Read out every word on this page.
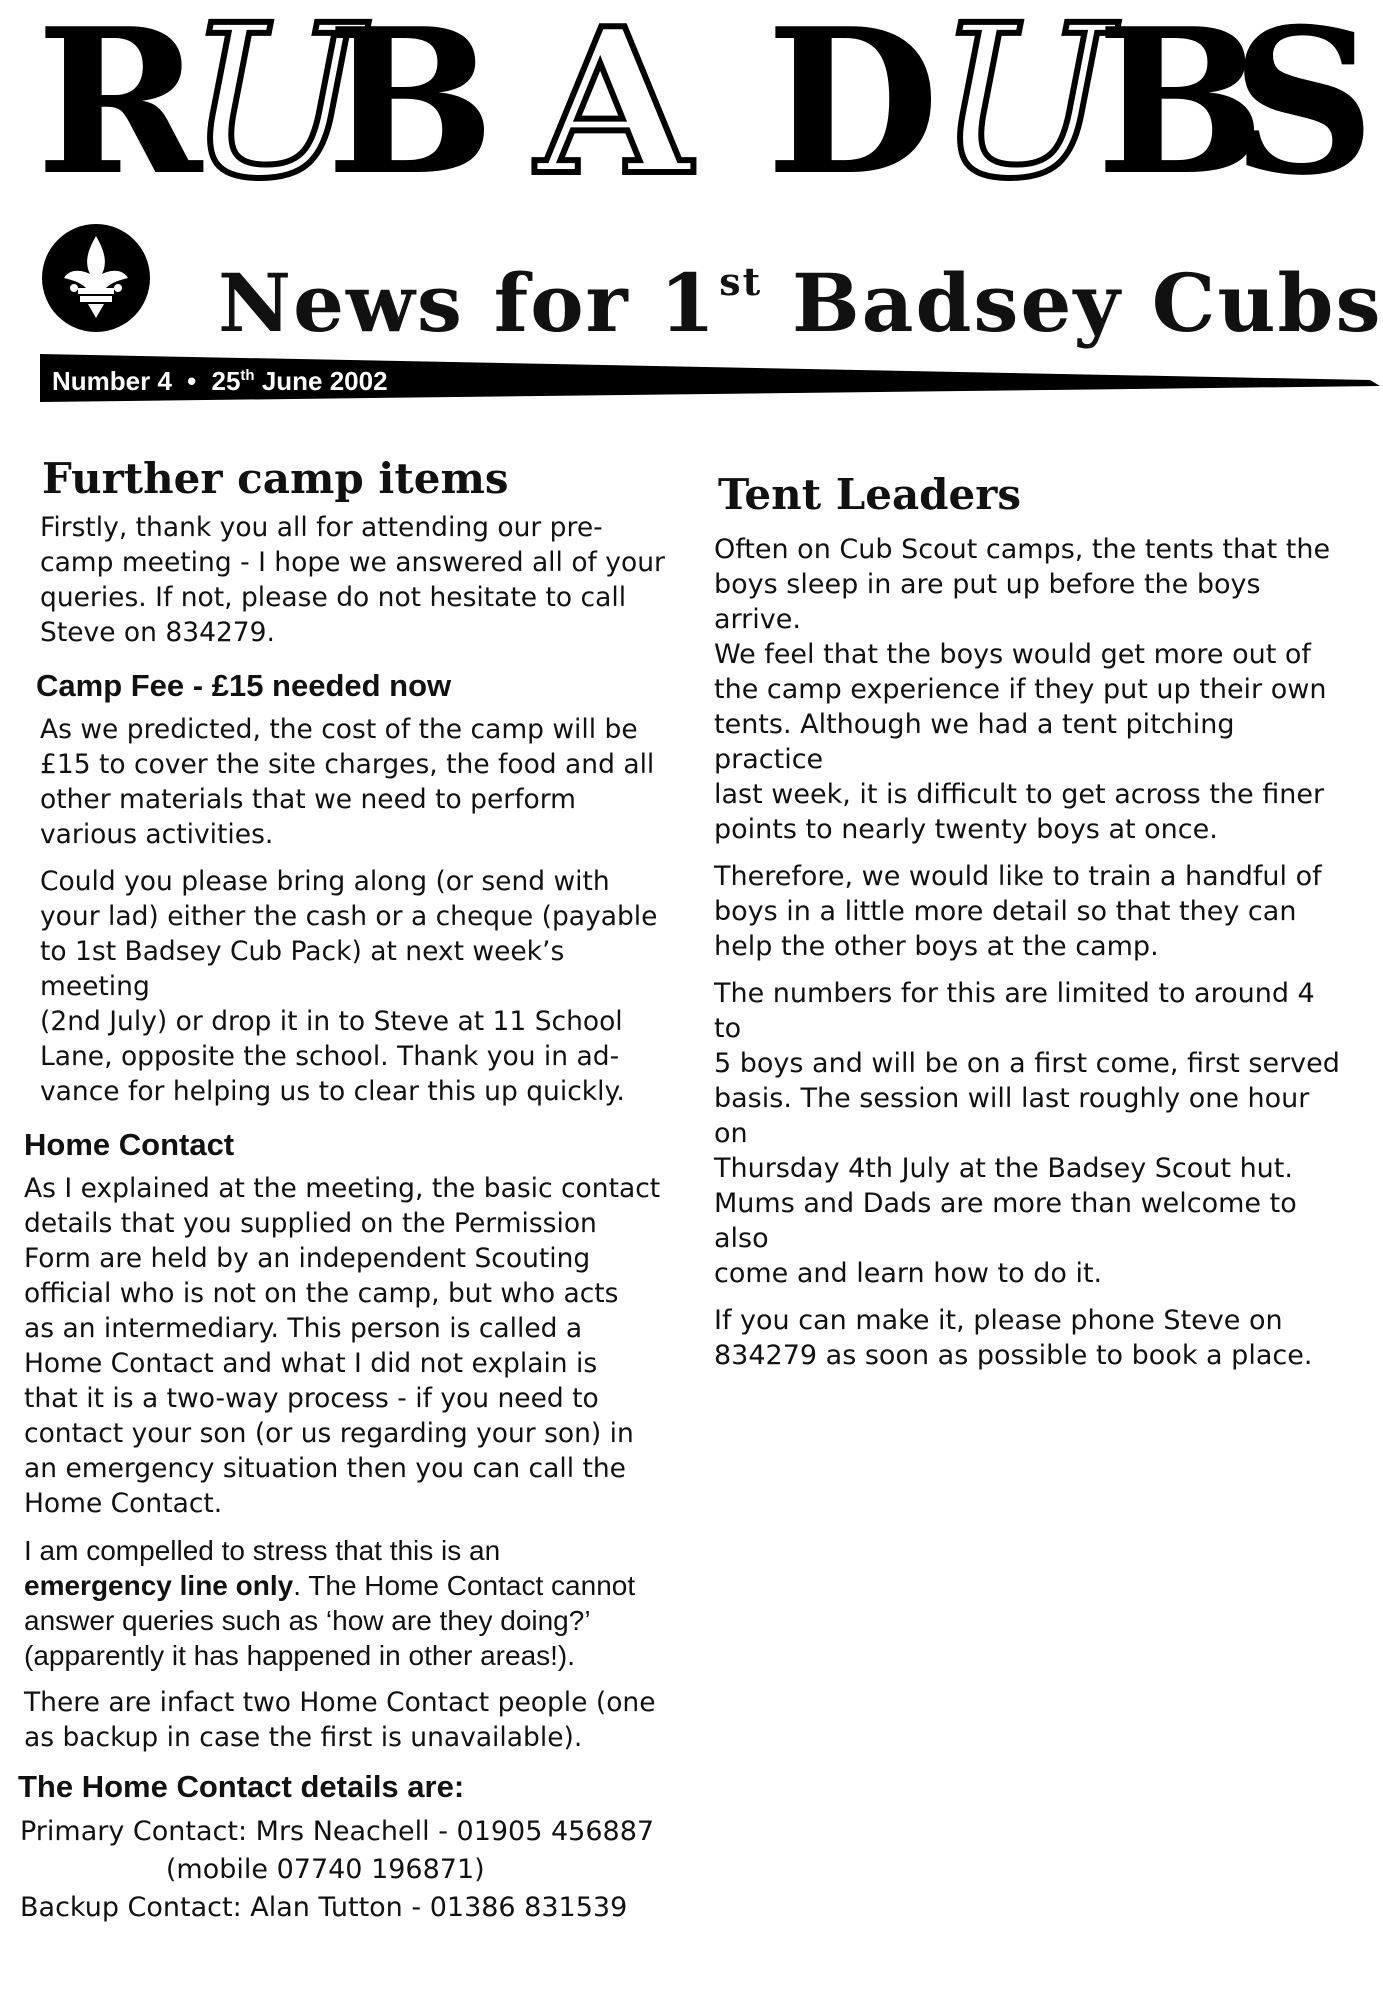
R
U
B A D
U
B
S
News for 1st Badsey Cubs
Number 4 • 25th June 2002
Further camp items
Firstly, thank you all for attending our pre-
camp meeting - I hope we answered all of your
queries. If not, please do not hesitate to call
Steve on 834279.
Camp Fee - £15 needed now
As we predicted, the cost of the camp will be
£15 to cover the site charges, the food and all
other materials that we need to perform
various activities.
Could you please bring along (or send with
your lad) either the cash or a cheque (payable
to 1st Badsey Cub Pack) at next week’s meeting
(2nd July) or drop it in to Steve at 11 School
Lane, opposite the school. Thank you in ad-
vance for helping us to clear this up quickly.
Home Contact
As I explained at the meeting, the basic contact
details that you supplied on the Permission
Form are held by an independent Scouting
official who is not on the camp, but who acts
as an intermediary. This person is called a
Home Contact and what I did not explain is
that it is a two-way process - if you need to
contact your son (or us regarding your son) in
an emergency situation then you can call the
Home Contact.
I am compelled to stress that this is an
emergency line only. The Home Contact cannot
answer queries such as ‘how are they doing?’
(apparently it has happened in other areas!).
There are infact two Home Contact people (one
as backup in case the first is unavailable).
The Home Contact details are:
Primary Contact: Mrs Neachell - 01905 456887
(mobile 07740 196871)
Backup Contact: Alan Tutton - 01386 831539
Tent Leaders
Often on Cub Scout camps, the tents that the
boys sleep in are put up before the boys arrive.
We feel that the boys would get more out of
the camp experience if they put up their own
tents. Although we had a tent pitching practice
last week, it is difficult to get across the finer
points to nearly twenty boys at once.
Therefore, we would like to train a handful of
boys in a little more detail so that they can
help the other boys at the camp.
The numbers for this are limited to around 4 to
5 boys and will be on a first come, first served
basis. The session will last roughly one hour on
Thursday 4th July at the Badsey Scout hut.
Mums and Dads are more than welcome to also
come and learn how to do it.
If you can make it, please phone Steve on
834279 as soon as possible to book a place.
